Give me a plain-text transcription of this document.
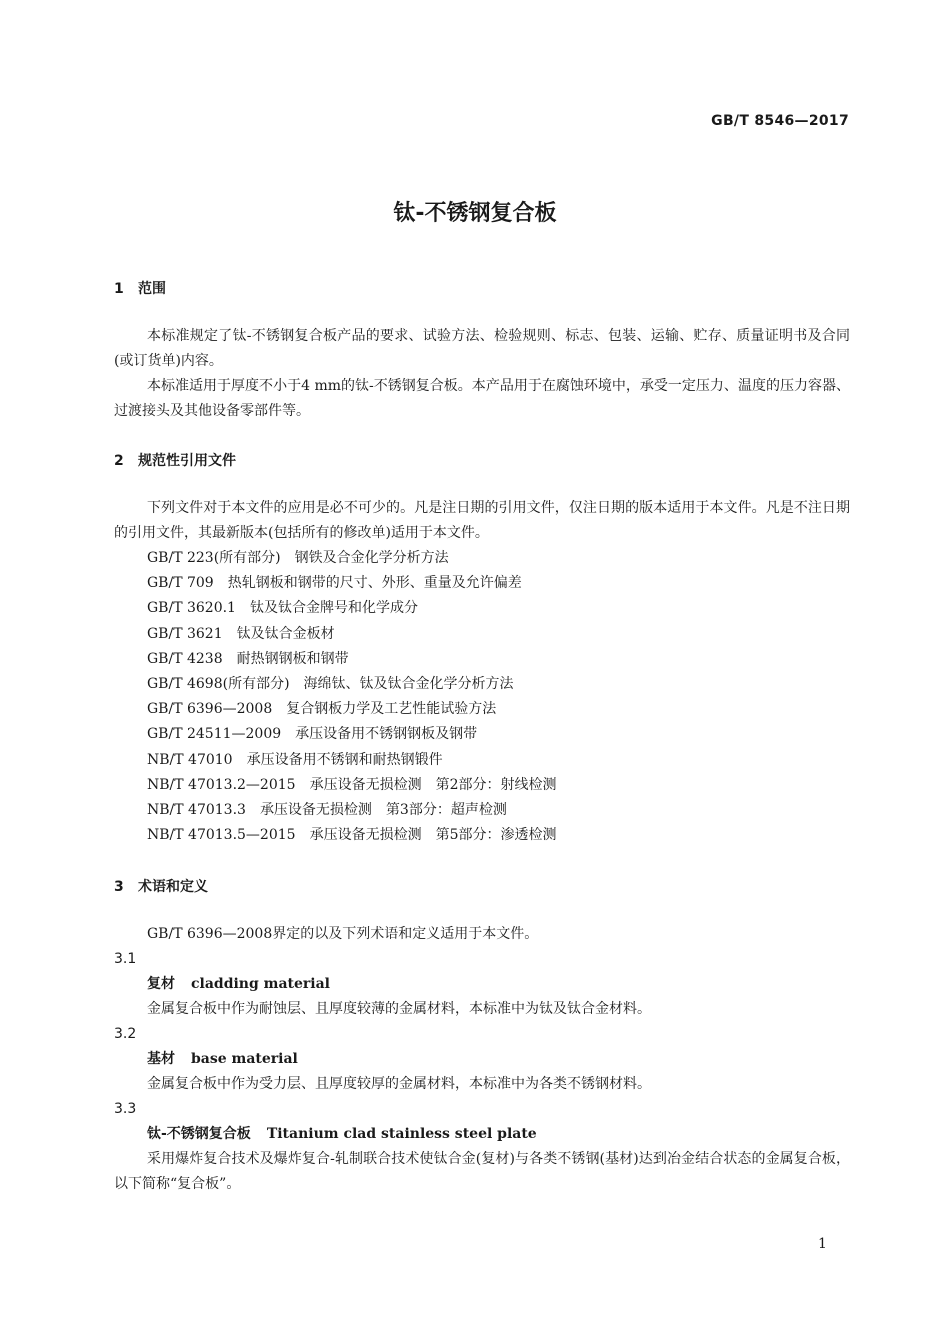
GB/T 8546—2017
钛-不锈钢复合板
1 范围

本标准规定了钛-不锈钢复合板产品的要求、试验方法、检验规则、标志、包装、运输、贮存、质量证明书及合同(或订货单)内容。

本标准适用于厚度不小于4 mm的钛-不锈钢复合板。本产品用于在腐蚀环境中，承受一定压力、温度的压力容器、过渡接头及其他设备零部件等。

2 规范性引用文件

下列文件对于本文件的应用是必不可少的。凡是注日期的引用文件，仅注日期的版本适用于本文件。凡是不注日期的引用文件，其最新版本(包括所有的修改单)适用于本文件。

GB/T 223(所有部分) 钢铁及合金化学分析方法
GB/T 709 热轧钢板和钢带的尺寸、外形、重量及允许偏差
GB/T 3620.1 钛及钛合金牌号和化学成分
GB/T 3621 钛及钛合金板材
GB/T 4238 耐热钢钢板和钢带
GB/T 4698(所有部分) 海绵钛、钛及钛合金化学分析方法
GB/T 6396—2008 复合钢板力学及工艺性能试验方法
GB/T 24511—2009 承压设备用不锈钢钢板及钢带
NB/T 47010 承压设备用不锈钢和耐热钢锻件
NB/T 47013.2—2015 承压设备无损检测　第2部分：射线检测
NB/T 47013.3 承压设备无损检测　第3部分：超声检测
NB/T 47013.5—2015 承压设备无损检测　第5部分：渗透检测
3 术语和定义

GB/T 6396—2008界定的以及下列术语和定义适用于本文件。

3.1
复材 cladding material
金属复合板中作为耐蚀层、且厚度较薄的金属材料，本标准中为钛及钛合金材料。
3.2
基材 base material
金属复合板中作为受力层、且厚度较厚的金属材料，本标准中为各类不锈钢材料。
3.3
钛-不锈钢复合板 Titanium clad stainless steel plate

采用爆炸复合技术及爆炸复合-轧制联合技术使钛合金(复材)与各类不锈钢(基材)达到冶金结合状态的金属复合板，以下简称“复合板”。

1
